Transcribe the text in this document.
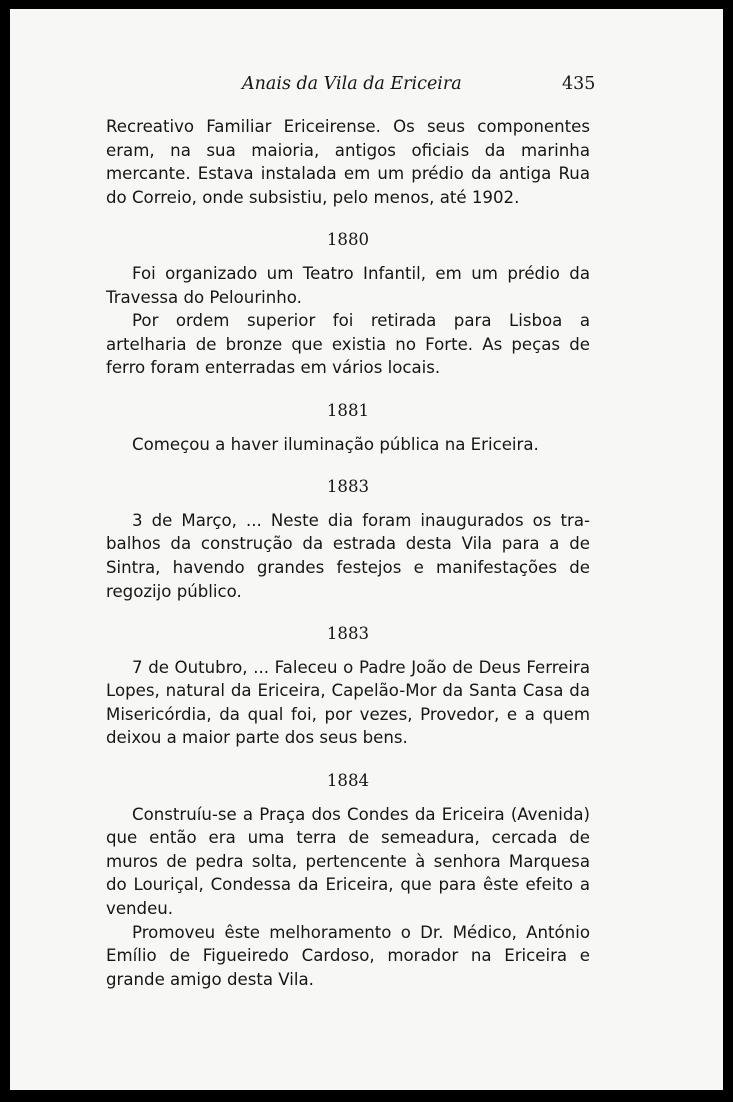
Anais da Vila da Ericeira	435

Recreativo Familiar Ericeirense. Os seus componentes eram, na sua maioria, antigos oficiais da marinha mercante. Estava instalada em um prédio da antiga Rua do Correio, onde subsistiu, pelo menos, até 1902.

1880

Foi organizado um Teatro Infantil, em um prédio da Travessa do Pelourinho.

Por ordem superior foi retirada para Lisboa a artelharia de bronze que existia no Forte. As peças de ferro foram enterradas em vários locais.

1881

Começou a haver iluminação pública na Ericeira.

1883

3 de Março, ... Neste dia foram inaugurados os trabalhos da construção da estrada desta Vila para a de Sintra, havendo grandes festejos e manifestações de regozijo público.

1883

7 de Outubro, ... Faleceu o Padre João de Deus Ferreira Lopes, natural da Ericeira, Capelão-Mor da Santa Casa da Misericórdia, da qual foi, por vezes, Provedor, e a quem deixou a maior parte dos seus bens.

1884

Construíu-se a Praça dos Condes da Ericeira (Avenida) que então era uma terra de semeadura, cercada de muros de pedra solta, pertencente à senhora Marquesa do Louriçal, Condessa da Ericeira, que para êste efeito a vendeu.

Promoveu êste melhoramento o Dr. Médico, António Emílio de Figueiredo Cardoso, morador na Ericeira e grande amigo desta Vila.
